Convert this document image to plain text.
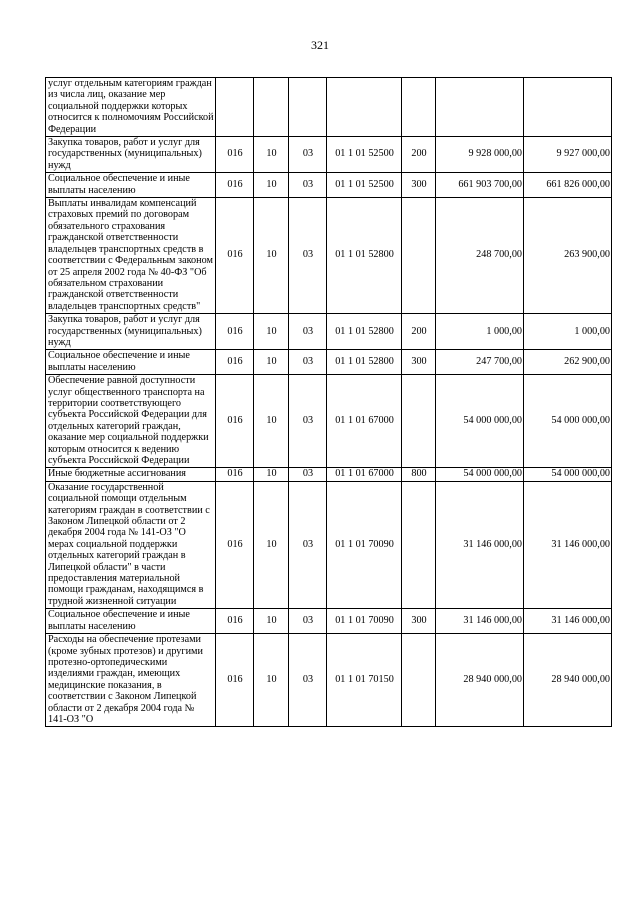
321
услуг отдельным категориям граждан из числа лиц, оказание мер социальной поддержки которых относится к полномочиям Российской Федерации							
Закупка товаров, работ и услуг для государственных (муниципальных) нужд	016	10	03	01 1 01 52500	200	9 928 000,00	9 927 000,00
Социальное обеспечение и иные выплаты населению	016	10	03	01 1 01 52500	300	661 903 700,00	661 826 000,00
Выплаты инвалидам компенсаций страховых премий по договорам обязательного страхования гражданской ответственности владельцев транспортных средств в соответствии с Федеральным законом от 25 апреля 2002 года № 40-ФЗ "Об обязательном страховании гражданской ответственности владельцев транспортных средств"	016	10	03	01 1 01 52800		248 700,00	263 900,00
Закупка товаров, работ и услуг для государственных (муниципальных) нужд	016	10	03	01 1 01 52800	200	1 000,00	1 000,00
Социальное обеспечение и иные выплаты населению	016	10	03	01 1 01 52800	300	247 700,00	262 900,00
Обеспечение равной доступности услуг общественного транспорта на территории соответствующего субъекта Российской Федерации для отдельных категорий граждан, оказание мер социальной поддержки которым относится к ведению субъекта Российской Федерации	016	10	03	01 1 01 67000		54 000 000,00	54 000 000,00
Иные бюджетные ассигнования	016	10	03	01 1 01 67000	800	54 000 000,00	54 000 000,00
Оказание государственной социальной помощи отдельным категориям граждан в соответствии с Законом Липецкой области от 2 декабря 2004 года № 141-ОЗ "О мерах социальной поддержки отдельных категорий граждан в Липецкой области" в части предоставления материальной помощи гражданам, находящимся в трудной жизненной ситуации	016	10	03	01 1 01 70090		31 146 000,00	31 146 000,00
Социальное обеспечение и иные выплаты населению	016	10	03	01 1 01 70090	300	31 146 000,00	31 146 000,00
Расходы на обеспечение протезами (кроме зубных протезов) и другими протезно-ортопедическими изделиями граждан, имеющих медицинские показания, в соответствии с Законом Липецкой области от 2 декабря 2004 года № 141-ОЗ "О	016	10	03	01 1 01 70150		28 940 000,00	28 940 000,00
